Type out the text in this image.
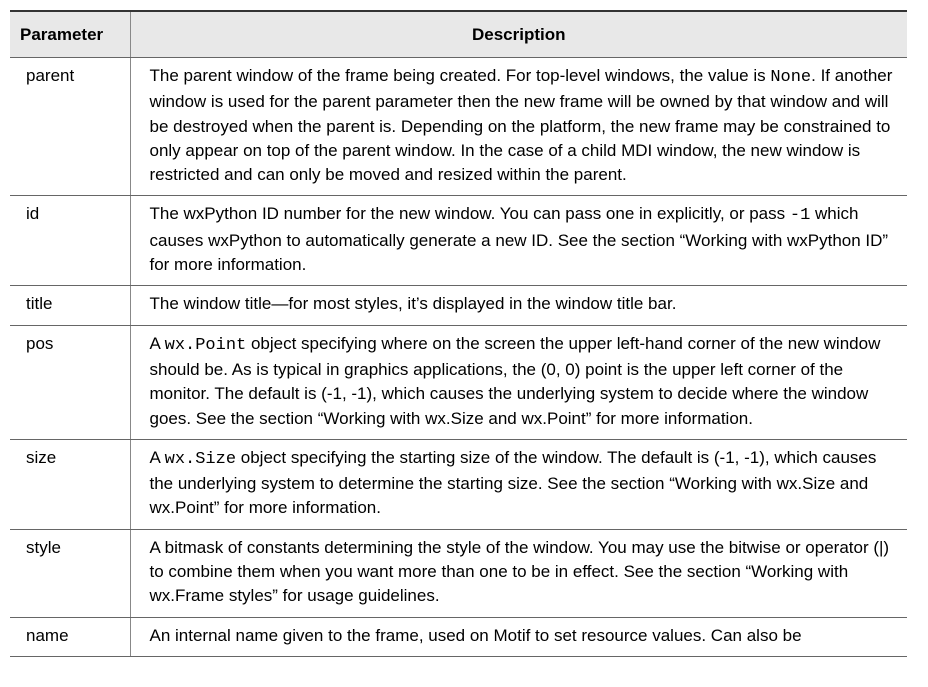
Parameter	Description
parent	The parent window of the frame being created. For top-level windows, the value is None. If another window is used for the parent parameter then the new frame will be owned by that window and will be destroyed when the parent is. Depending on the platform, the new frame may be constrained to only appear on top of the parent window. In the case of a child MDI window, the new window is restricted and can only be moved and resized within the parent.
id	The wxPython ID number for the new window. You can pass one in explicitly, or pass -1 which causes wxPython to automatically generate a new ID. See the section “Working with wxPython ID” for more information.
title	The window title—for most styles, it’s displayed in the window title bar.
pos	A wx.Point object specifying where on the screen the upper left-hand corner of the new window should be. As is typical in graphics applications, the (0, 0) point is the upper left corner of the monitor. The default is (-1, -1), which causes the underlying system to decide where the window goes. See the section “Working with wx.Size and wx.Point” for more information.
size	A wx.Size object specifying the starting size of the window. The default is (-1, -1), which causes the underlying system to determine the starting size. See the section “Working with wx.Size and wx.Point” for more information.
style	A bitmask of constants determining the style of the window. You may use the bitwise or operator (|) to combine them when you want more than one to be in effect. See the section “Working with wx.Frame styles” for usage guidelines.
name	An internal name given to the frame, used on Motif to set resource values. Can also be
